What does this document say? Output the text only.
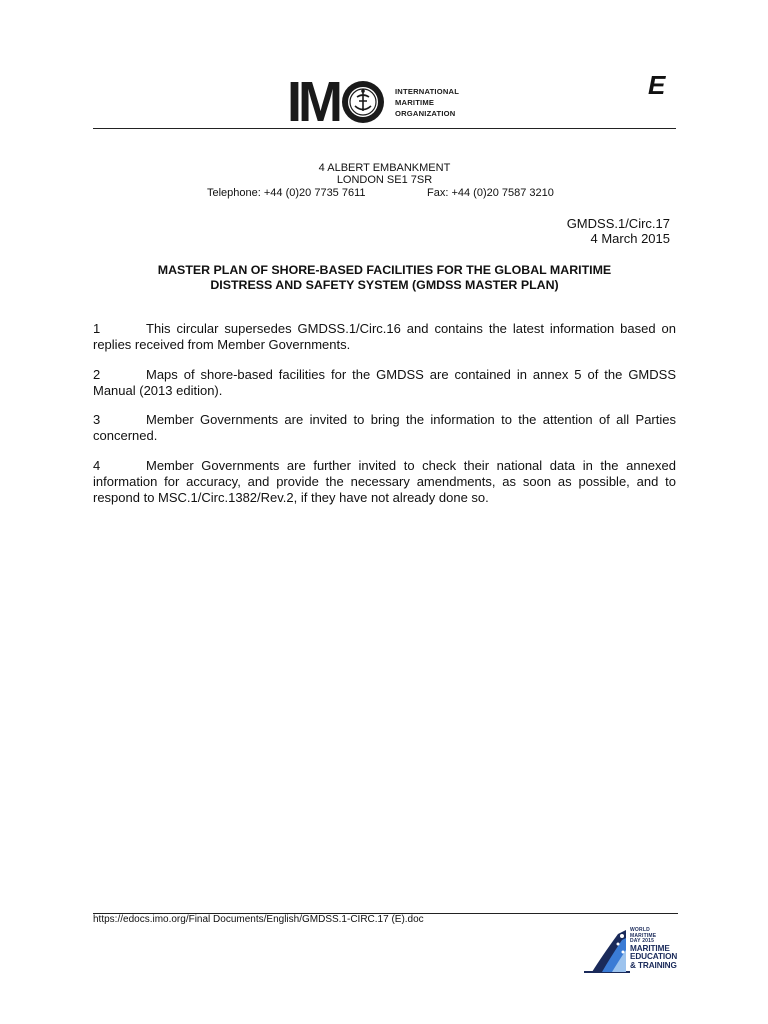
I M	INTERNATIONAL
MARITIME
ORGANIZATION
E
4 ALBERT EMBANKMENT
LONDON SE1 7SR
Telephone: +44 (0)20 7735 7611	Fax: +44 (0)20 7587 3210
GMDSS.1/Circ.17
4 March 2015
MASTER PLAN OF SHORE-BASED FACILITIES FOR THE GLOBAL MARITIME
DISTRESS AND SAFETY SYSTEM (GMDSS MASTER PLAN)
1	This circular supersedes GMDSS.1/Circ.16 and contains the latest information based on replies received from Member Governments.
2	Maps of shore-based facilities for the GMDSS are contained in annex 5 of the GMDSS Manual (2013 edition).
3	Member Governments are invited to bring the information to the attention of all Parties concerned.
4	Member Governments are further invited to check their national data in the annexed information for accuracy, and provide the necessary amendments, as soon as possible, and to respond to MSC.1/Circ.1382/Rev.2, if they have not already done so.
https://edocs.imo.org/Final Documents/English/GMDSS.1-CIRC.17 (E).doc
WORLD
MARITIME
DAY 2015
MARITIME
EDUCATION
& TRAINING
